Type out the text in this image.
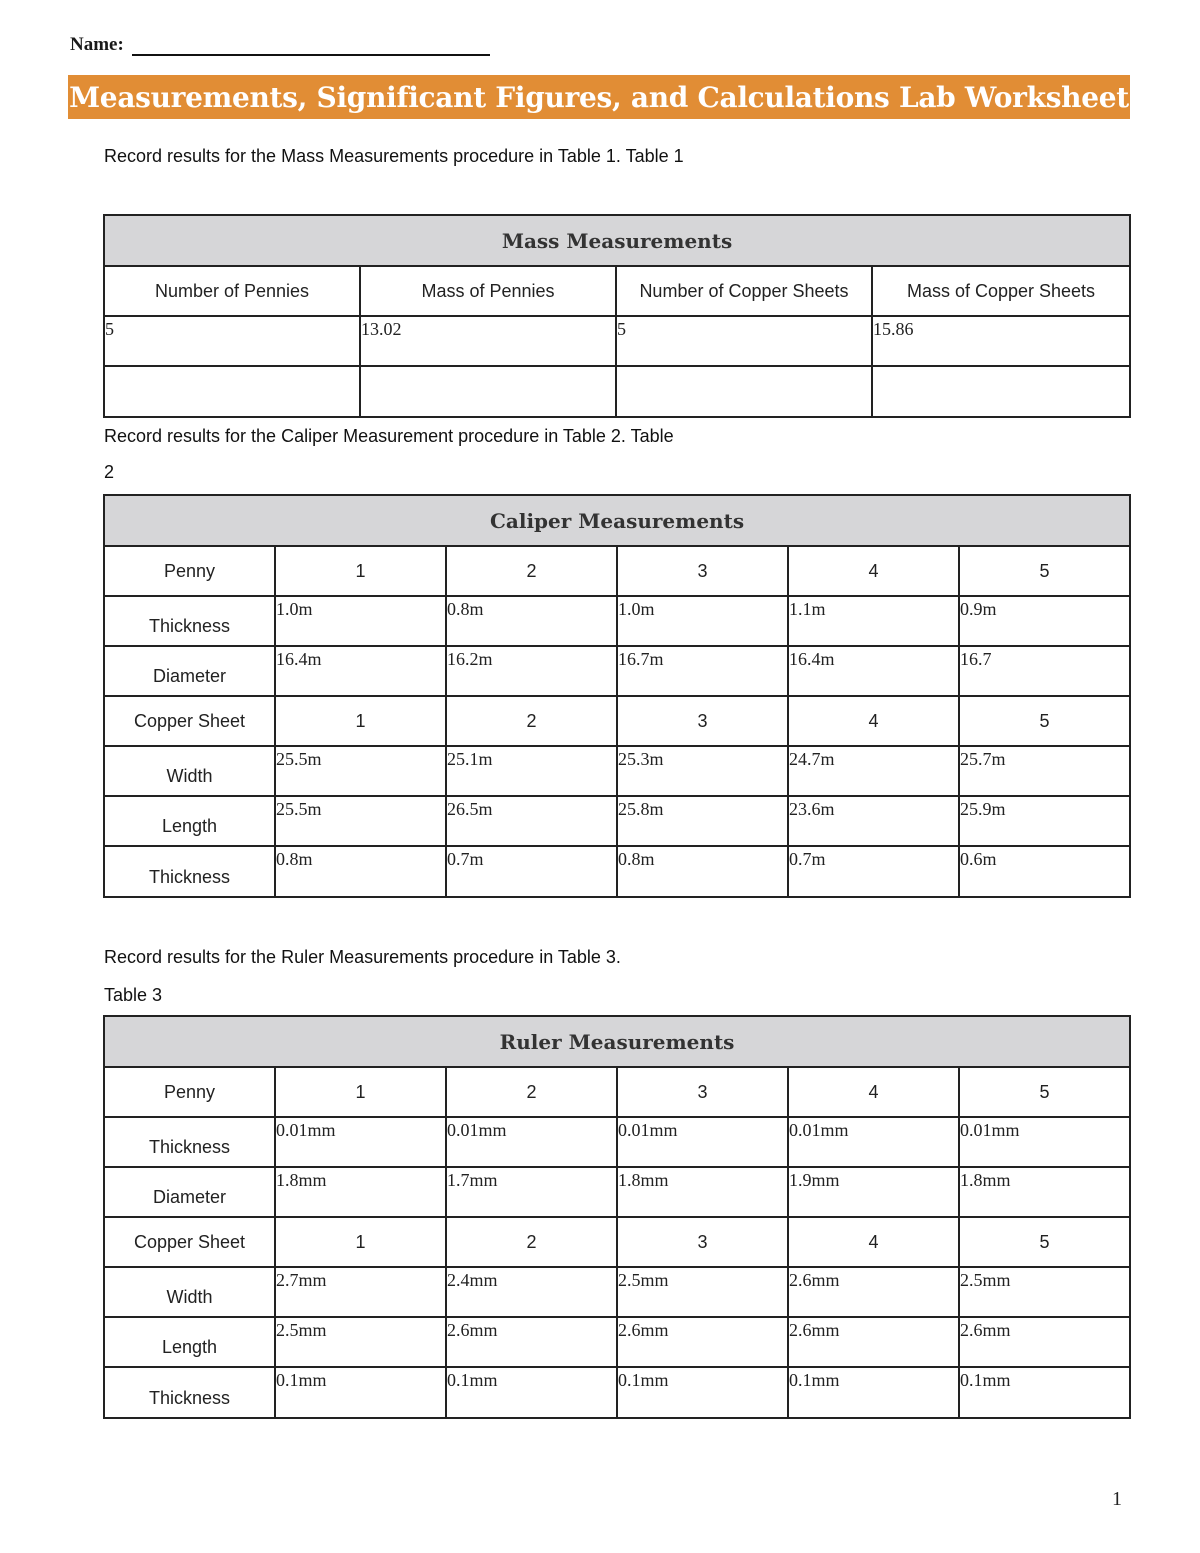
Name:
Measurements, Significant Figures, and Calculations Lab Worksheet
Record results for the Mass Measurements procedure in Table 1. Table 1
Mass Measurements			
Number of Pennies	Mass of Pennies	Number of Copper Sheets	Mass of Copper Sheets
5	13.02	5	15.86

Record results for the Caliper Measurement procedure in Table 2. Table
2
Caliper Measurements					
Penny	1	2	3	4	5
Thickness	1.0m	0.8m	1.0m	1.1m	0.9m
Diameter	16.4m	16.2m	16.7m	16.4m	16.7
Copper Sheet	1	2	3	4	5
Width	25.5m	25.1m	25.3m	24.7m	25.7m
Length	25.5m	26.5m	25.8m	23.6m	25.9m
Thickness	0.8m	0.7m	0.8m	0.7m	0.6m
Record results for the Ruler Measurements procedure in Table 3.
Table 3
Ruler Measurements					
Penny	1	2	3	4	5
Thickness	0.01mm	0.01mm	0.01mm	0.01mm	0.01mm
Diameter	1.8mm	1.7mm	1.8mm	1.9mm	1.8mm
Copper Sheet	1	2	3	4	5
Width	2.7mm	2.4mm	2.5mm	2.6mm	2.5mm
Length	2.5mm	2.6mm	2.6mm	2.6mm	2.6mm
Thickness	0.1mm	0.1mm	0.1mm	0.1mm	0.1mm
1
